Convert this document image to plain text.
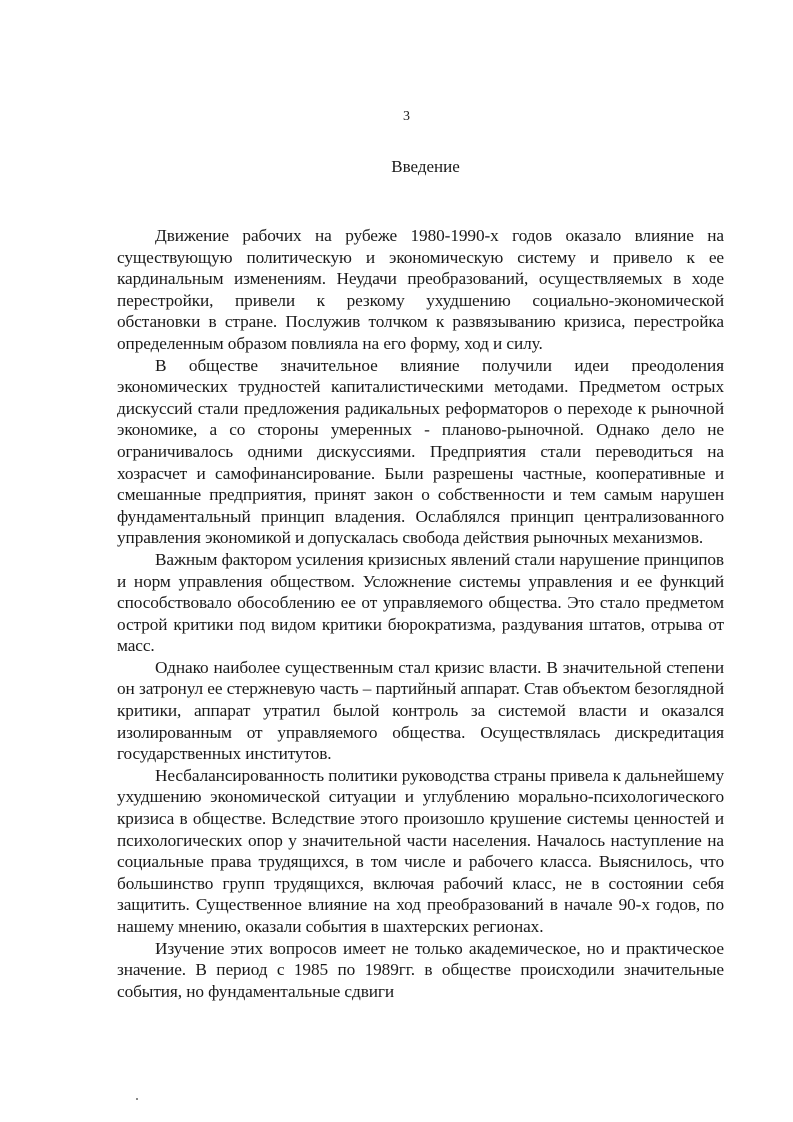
3
Введение

Движение рабочих на рубеже 1980-1990-х годов оказало влияние на существующую политическую и экономическую систему и привело к ее кардинальным изменениям. Неудачи преобразований, осуществляемых в ходе перестройки, привели к резкому ухудшению социально-экономической обстановки в стране. Послужив толчком к развязыванию кризиса, перестройка определенным образом повлияла на его форму, ход и силу.

В обществе значительное влияние получили идеи преодоления экономических трудностей капиталистическими методами. Предметом острых дискуссий стали предложения радикальных реформаторов о переходе к рыночной экономике, а со стороны умеренных - планово-рыночной. Однако дело не ограничивалось одними дискуссиями. Предприятия стали переводиться на хозрасчет и самофинансирование. Были разрешены частные, кооперативные и смешанные предприятия, принят закон о собственности и тем самым нарушен фундаментальный принцип владения. Ослаблялся принцип централизованного управления экономикой и допускалась свобода действия рыночных механизмов.

Важным фактором усиления кризисных явлений стали нарушение принципов и норм управления обществом. Усложнение системы управления и ее функций способствовало обособлению ее от управляемого общества. Это стало предметом острой критики под видом критики бюрократизма, раздувания штатов, отрыва от масс.

Однако наиболее существенным стал кризис власти. В значительной степени он затронул ее стержневую часть – партийный аппарат. Став объектом безоглядной критики, аппарат утратил былой контроль за системой власти и оказался изолированным от управляемого общества. Осуществлялась дискредитация государственных институтов.

Несбалансированность политики руководства страны привела к дальнейшему ухудшению экономической ситуации и углублению морально-психологического кризиса в обществе. Вследствие этого произошло крушение системы ценностей и психологических опор у значительной части населения. Началось наступление на социальные права трудящихся, в том числе и рабочего класса. Выяснилось, что большинство групп трудящихся, включая рабочий класс, не в состоянии себя защитить. Существенное влияние на ход преобразований в начале 90-х годов, по нашему мнению, оказали события в шахтерских регионах.

Изучение этих вопросов имеет не только академическое, но и практическое значение. В период с 1985 по 1989гг. в обществе происходили значительные события, но фундаментальные сдвиги
